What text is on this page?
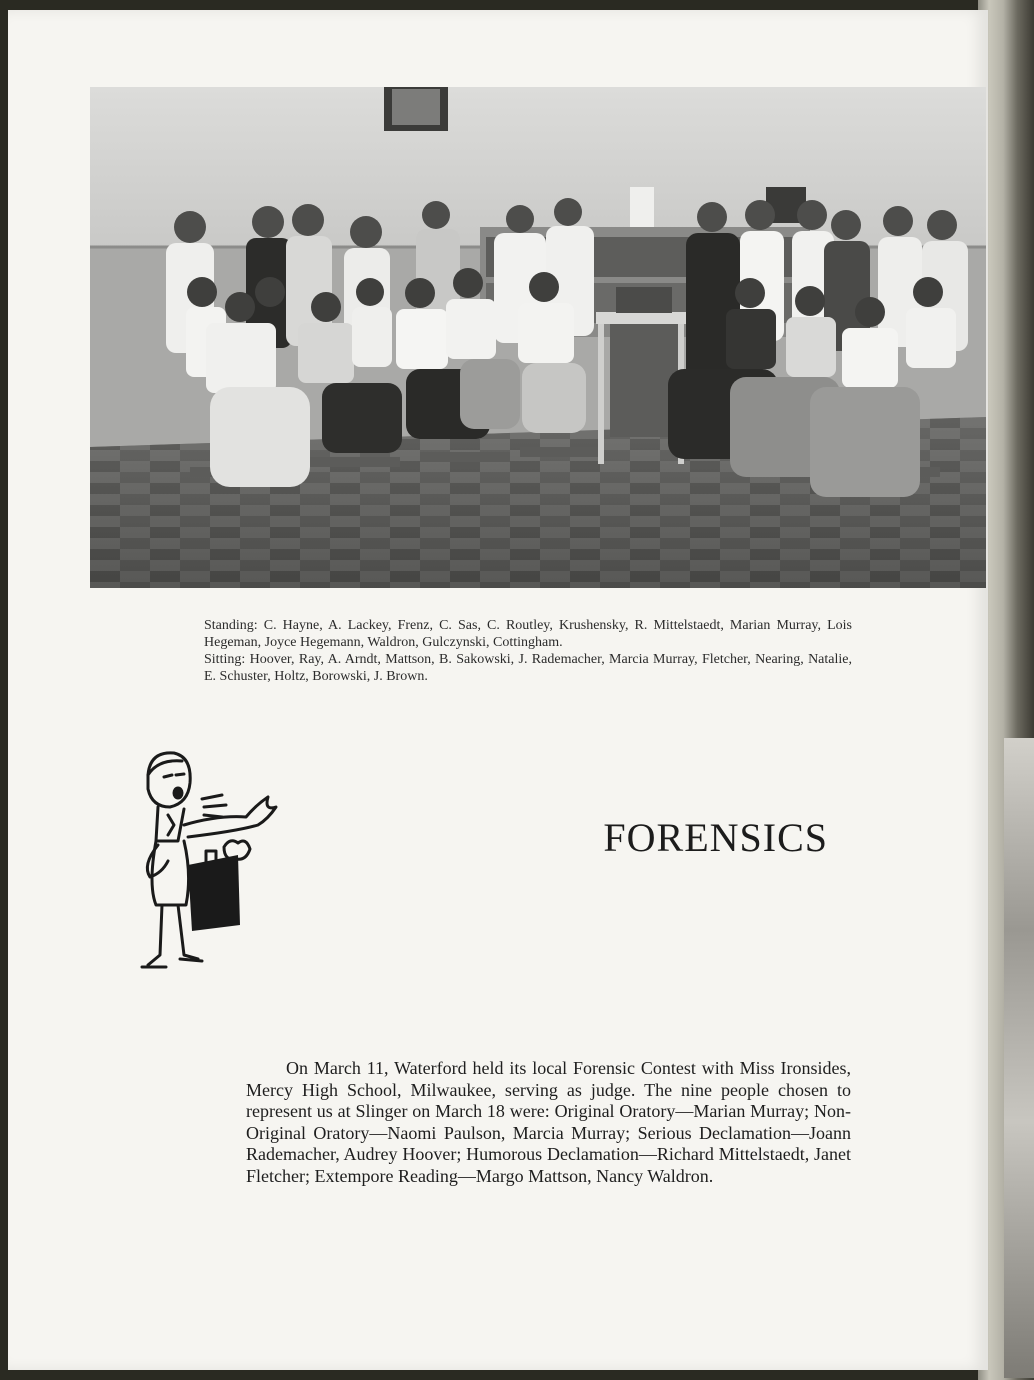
Standing: C. Hayne, A. Lackey, Frenz, C. Sas, C. Routley, Krushensky, R. Mittelstaedt, Marian Murray, Lois Hegeman, Joyce Hegemann, Waldron, Gulczynski, Cottingham.

Sitting: Hoover, Ray, A. Arndt, Mattson, B. Sakowski, J. Rademacher, Marcia Murray, Fletcher, Nearing, Natalie, E. Schuster, Holtz, Borowski, J. Brown.

FORENSICS
On March 11, Waterford held its local Forensic Contest with Miss Ironsides, Mercy High School, Milwaukee, serving as judge. The nine people chosen to represent us at Slinger on March 18 were: Original Oratory—Marian Murray; Non-Original Oratory—Naomi Paulson, Marcia Murray; Serious Declamation—Joann Rademacher, Audrey Hoover; Humorous Declamation—Richard Mittelstaedt, Janet Fletcher; Extempore Reading—Margo Mattson, Nancy Waldron.
